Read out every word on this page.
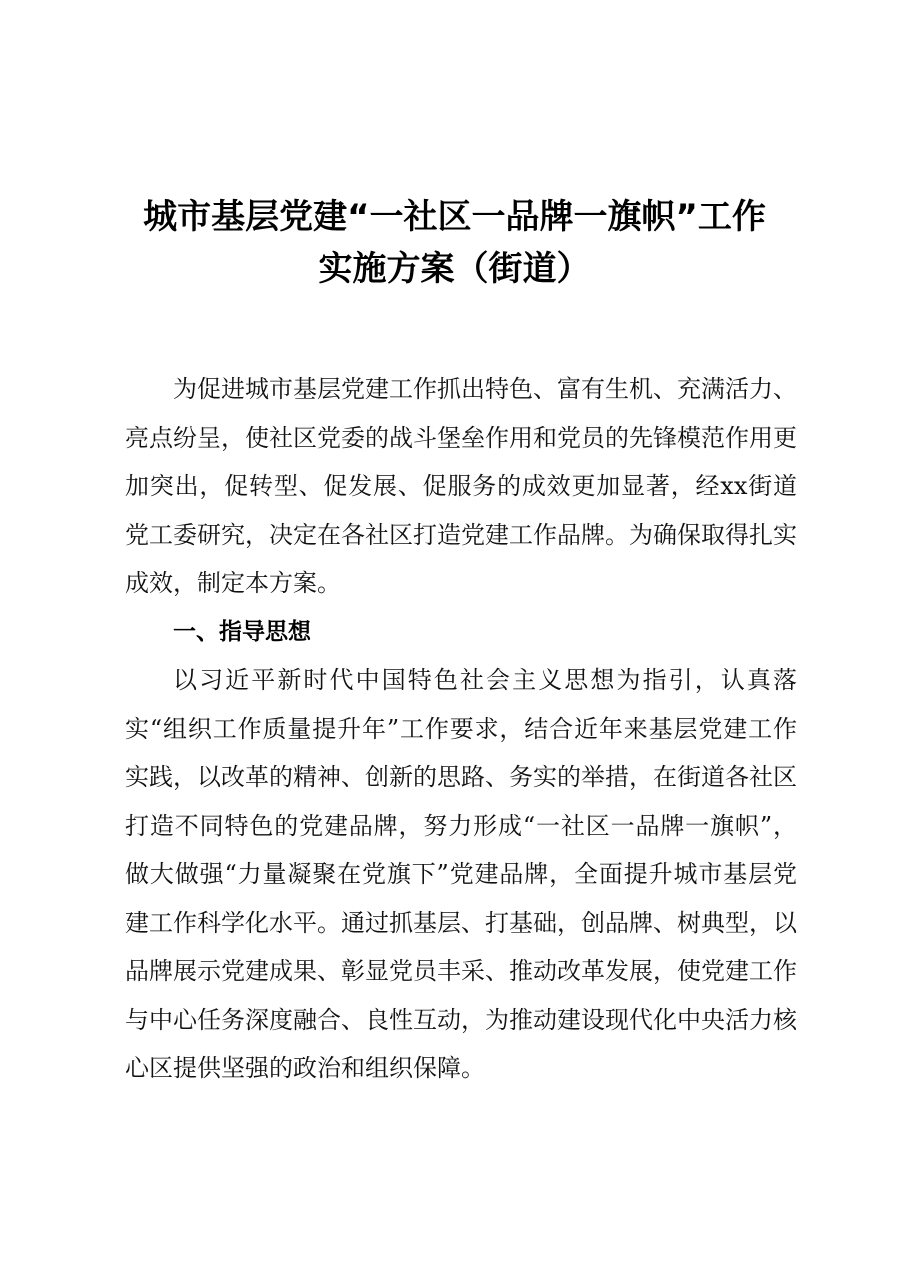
城市基层党建“一社区一品牌一旗帜”工作
实施方案（街道）

为促进城市基层党建工作抓出特色、富有生机、充满活力、亮点纷呈，使社区党委的战斗堡垒作用和党员的先锋模范作用更加突出，促转型、促发展、促服务的成效更加显著，经xx街道党工委研究，决定在各社区打造党建工作品牌。为确保取得扎实成效，制定本方案。

一、指导思想

以习近平新时代中国特色社会主义思想为指引，认真落实“组织工作质量提升年”工作要求，结合近年来基层党建工作实践，以改革的精神、创新的思路、务实的举措，在街道各社区打造不同特色的党建品牌，努力形成“一社区一品牌一旗帜”，做大做强“力量凝聚在党旗下”党建品牌，全面提升城市基层党建工作科学化水平。通过抓基层、打基础，创品牌、树典型，以品牌展示党建成果、彰显党员丰采、推动改革发展，使党建工作与中心任务深度融合、良性互动，为推动建设现代化中央活力核心区提供坚强的政治和组织保障。
